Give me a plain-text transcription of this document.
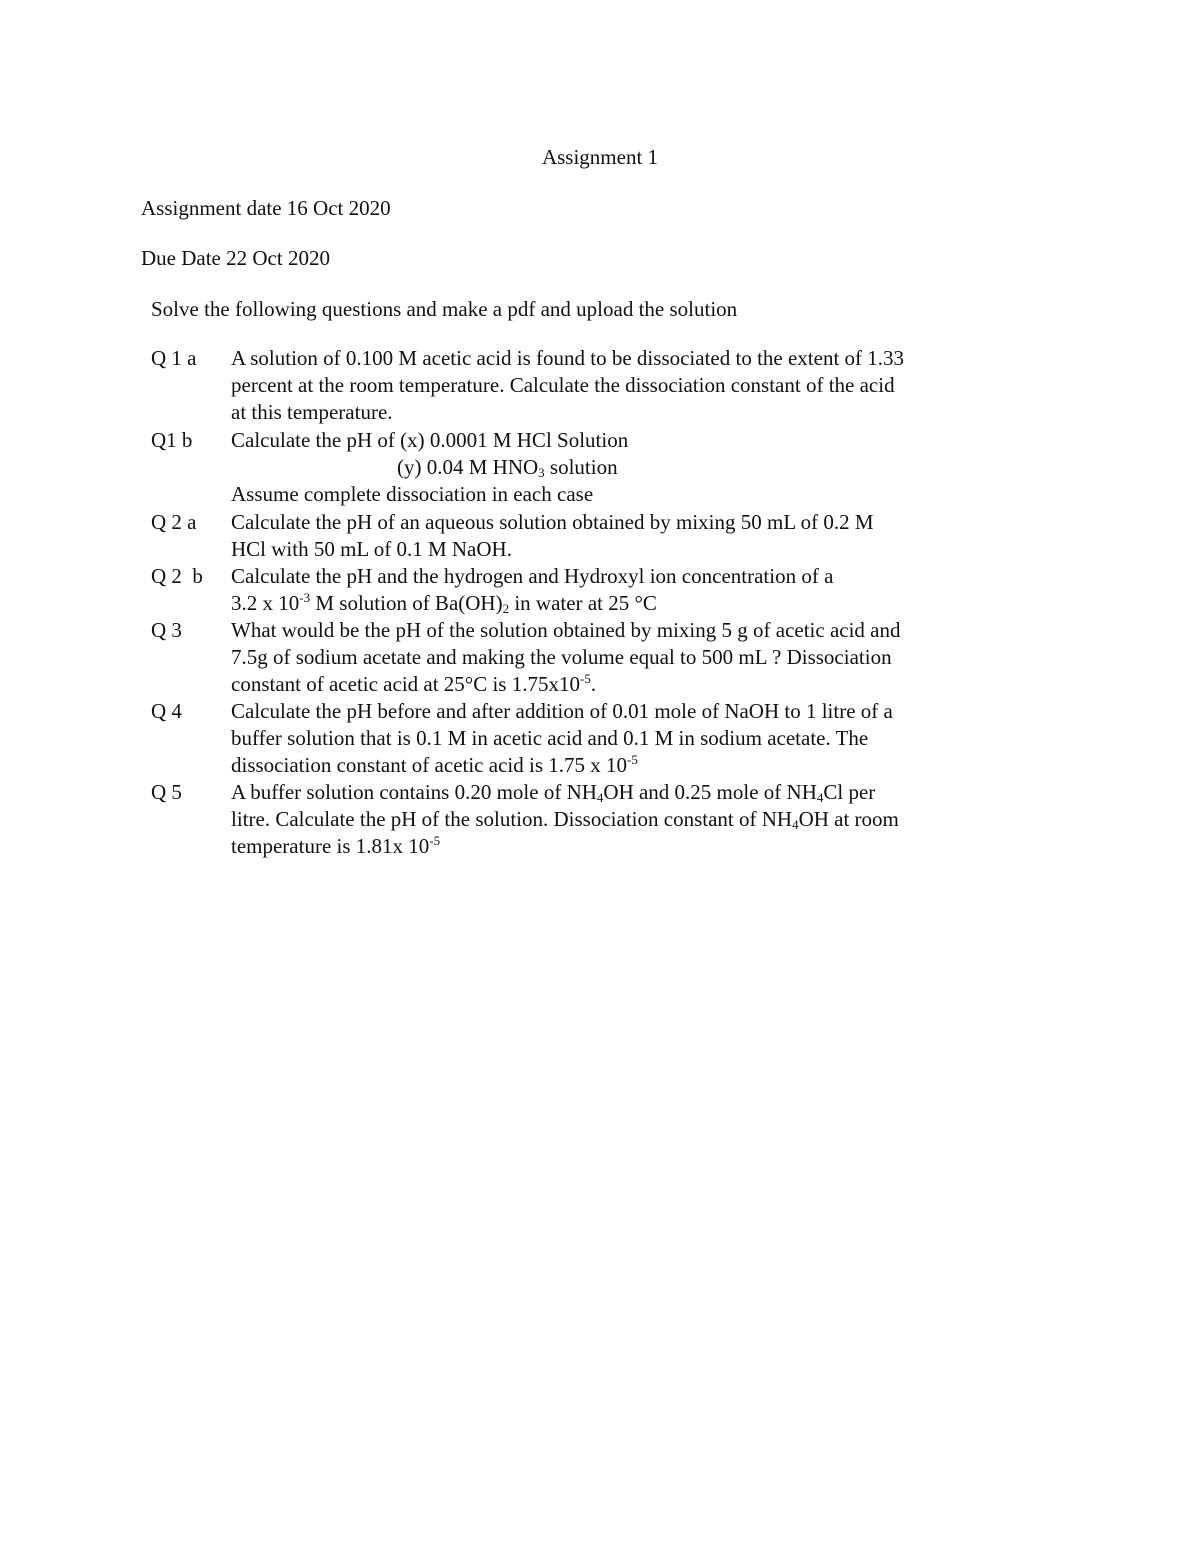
Assignment 1
Assignment date 16 Oct 2020
Due Date 22 Oct 2020
Solve the following questions and make a pdf and upload the solution
Q 1 a A solution of 0.100 M acetic acid is found to be dissociated to the extent of 1.33
percent at the room temperature. Calculate the dissociation constant of the acid
at this temperature.
Q1 b Calculate the pH of (x) 0.0001 M HCl Solution
(y) 0.04 M $HNO_3$ solution
Assume complete dissociation in each case
Q 2 a Calculate the pH of an aqueous solution obtained by mixing 50 mL of 0.2 M
HCl with 50 mL of 0.1 M NaOH.
Q 2  b Calculate the pH and the hydrogen and Hydroxyl ion concentration of a
3.2 x $10^{-3}$ M solution of $Ba(OH)_2$ in water at 25 °C
Q 3 What would be the pH of the solution obtained by mixing 5 g of acetic acid and
7.5g of sodium acetate and making the volume equal to 500 mL ? Dissociation
constant of acetic acid at 25°C is $1.75x10^{-5}$.
Q 4 Calculate the pH before and after addition of 0.01 mole of NaOH to 1 litre of a
buffer solution that is 0.1 M in acetic acid and 0.1 M in sodium acetate. The
dissociation constant of acetic acid is 1.75 x $10^{-5}$
Q 5 A buffer solution contains 0.20 mole of $NH_4OH$ and 0.25 mole of $NH_4Cl$ per
litre. Calculate the pH of the solution. Dissociation constant of $NH_4OH$ at room
temperature is 1.81x $10^{-5}$
